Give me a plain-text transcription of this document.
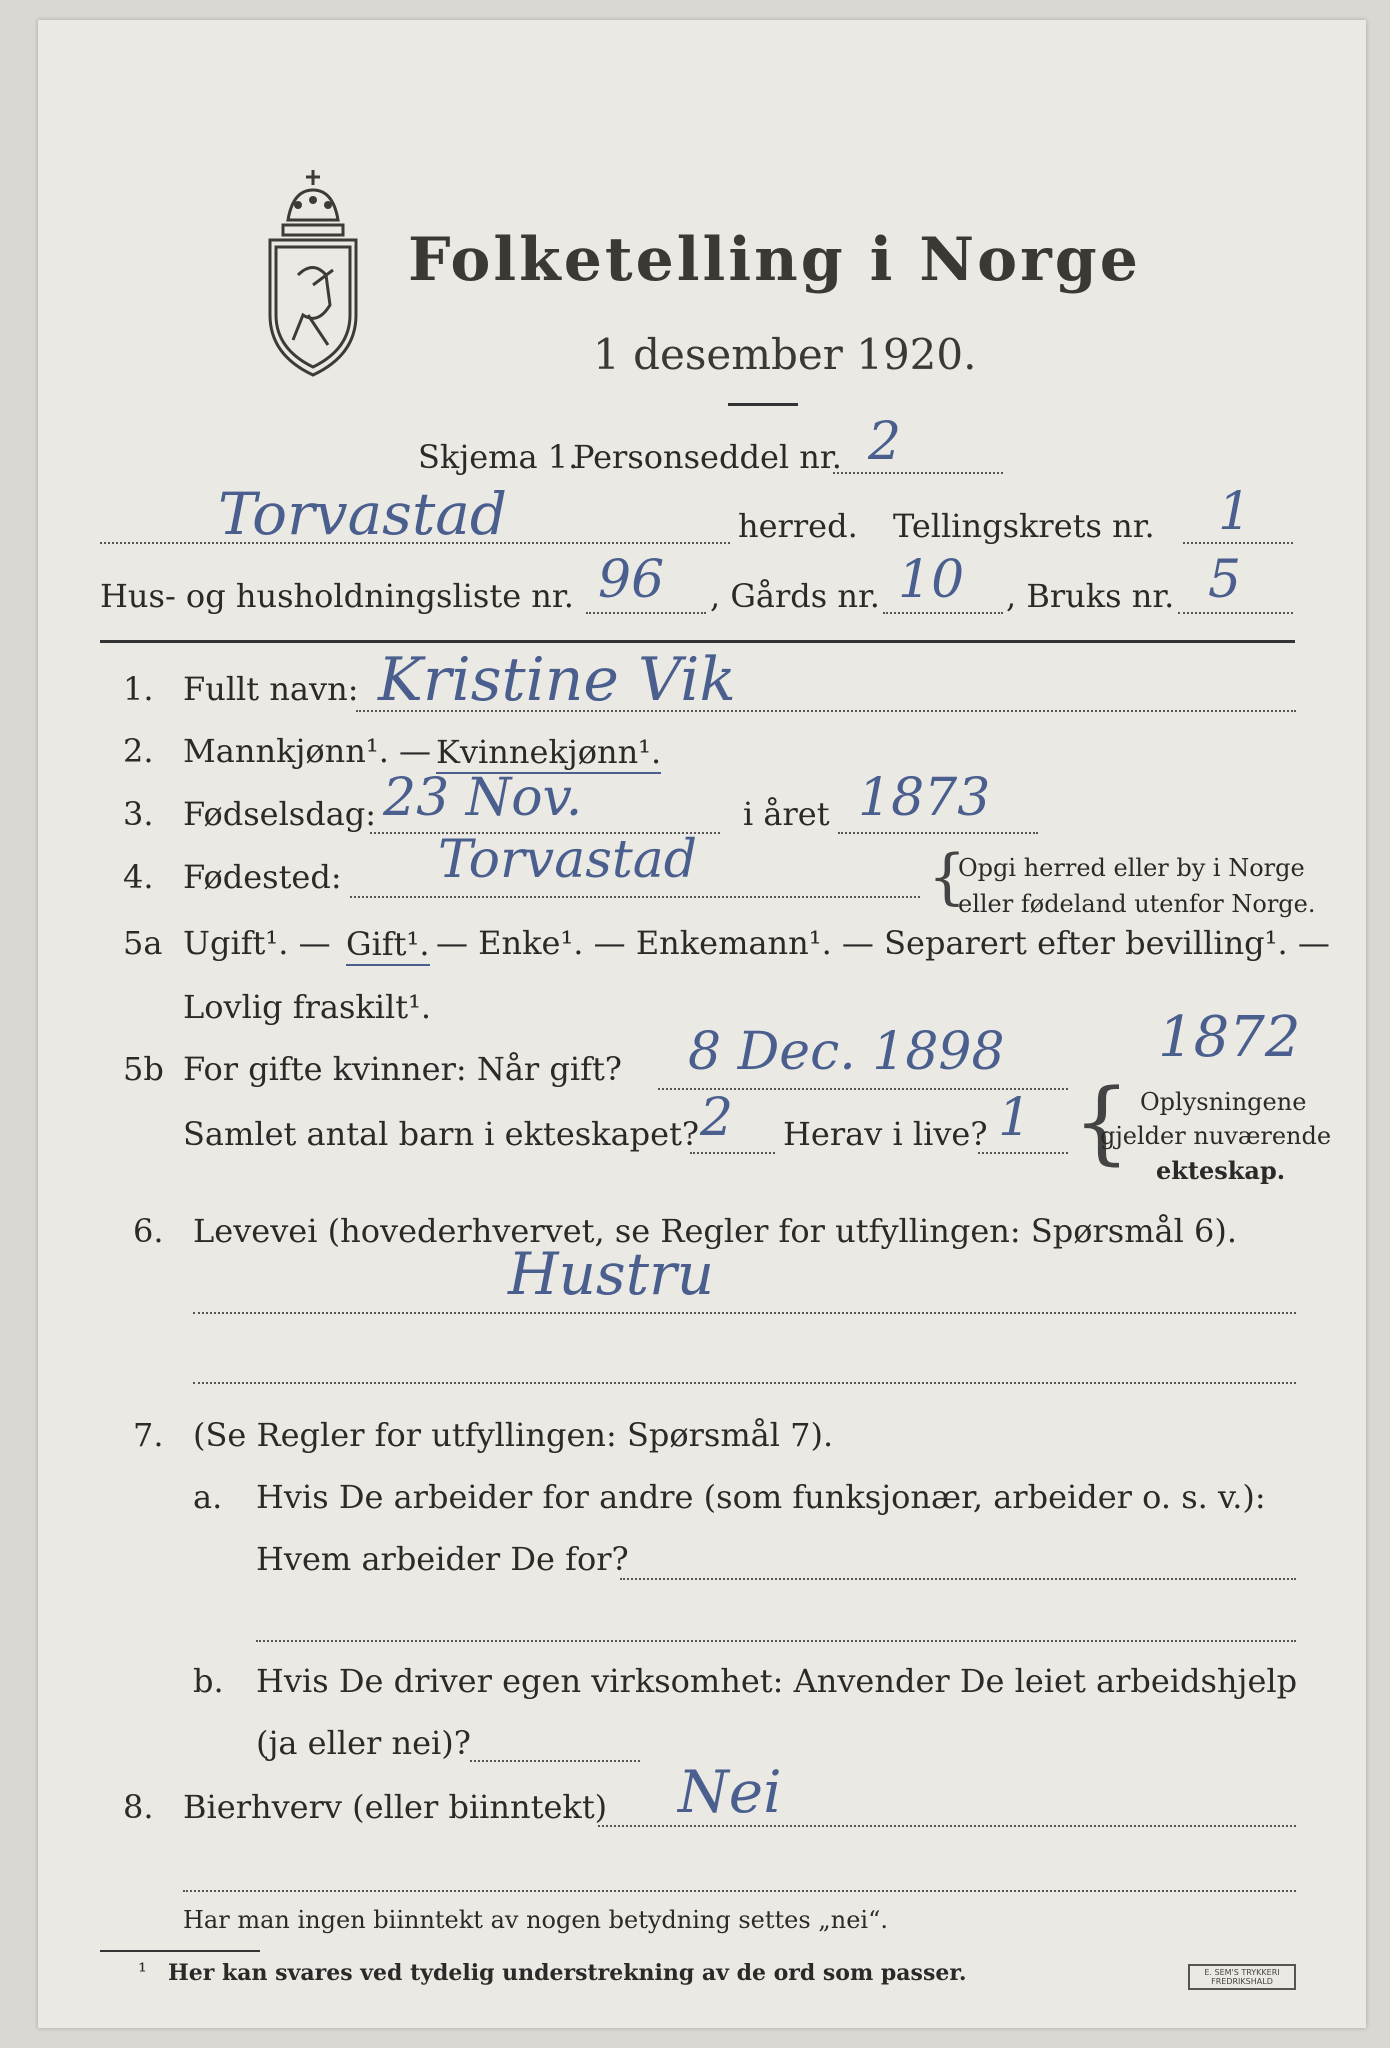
Folketelling i Norge
1 desember 1920.
Skjema 1.
Personseddel nr. 2
Torvastad	herred. Tellingskrets nr. 1
Hus- og husholdningsliste nr. 96 , Gårds nr. 10 , Bruks nr. 5
1. Fullt navn: Kristine Vik
2. Mannkjønn¹. — Kvinnekjønn¹.
3. Fødselsdag: 23 Nov.	i året 1873
4. Fødested: Torvastad	{
Opgi herred eller by i Norge
eller fødeland utenfor Norge.
5a Ugift¹. — Gift¹. — Enke¹. — Enkemann¹. — Separert efter bevilling¹. —
Lovlig fraskilt¹.	1872
5b For gifte kvinner: Når gift? 8 Dec. 1898
Samlet antal barn i ekteskapet? 2 Herav i live? 1 { Oplysningene
gjelder nuværende
ekteskap.
6. Levevei (hovederhvervet, se Regler for utfyllingen: Spørsmål 6).
Hustru
7. (Se Regler for utfyllingen: Spørsmål 7).
a. Hvis De arbeider for andre (som funksjonær, arbeider o. s. v.):
Hvem arbeider De for?
b. Hvis De driver egen virksomhet: Anvender De leiet arbeidshjelp
(ja eller nei)?
8. Bierhverv (eller biinntekt) Nei
Har man ingen biinntekt av nogen betydning settes „nei“.
¹ Her kan svares ved tydelig understrekning av de ord som passer.	E. SEM'S TRYKKERI FREDRIKSHALD
